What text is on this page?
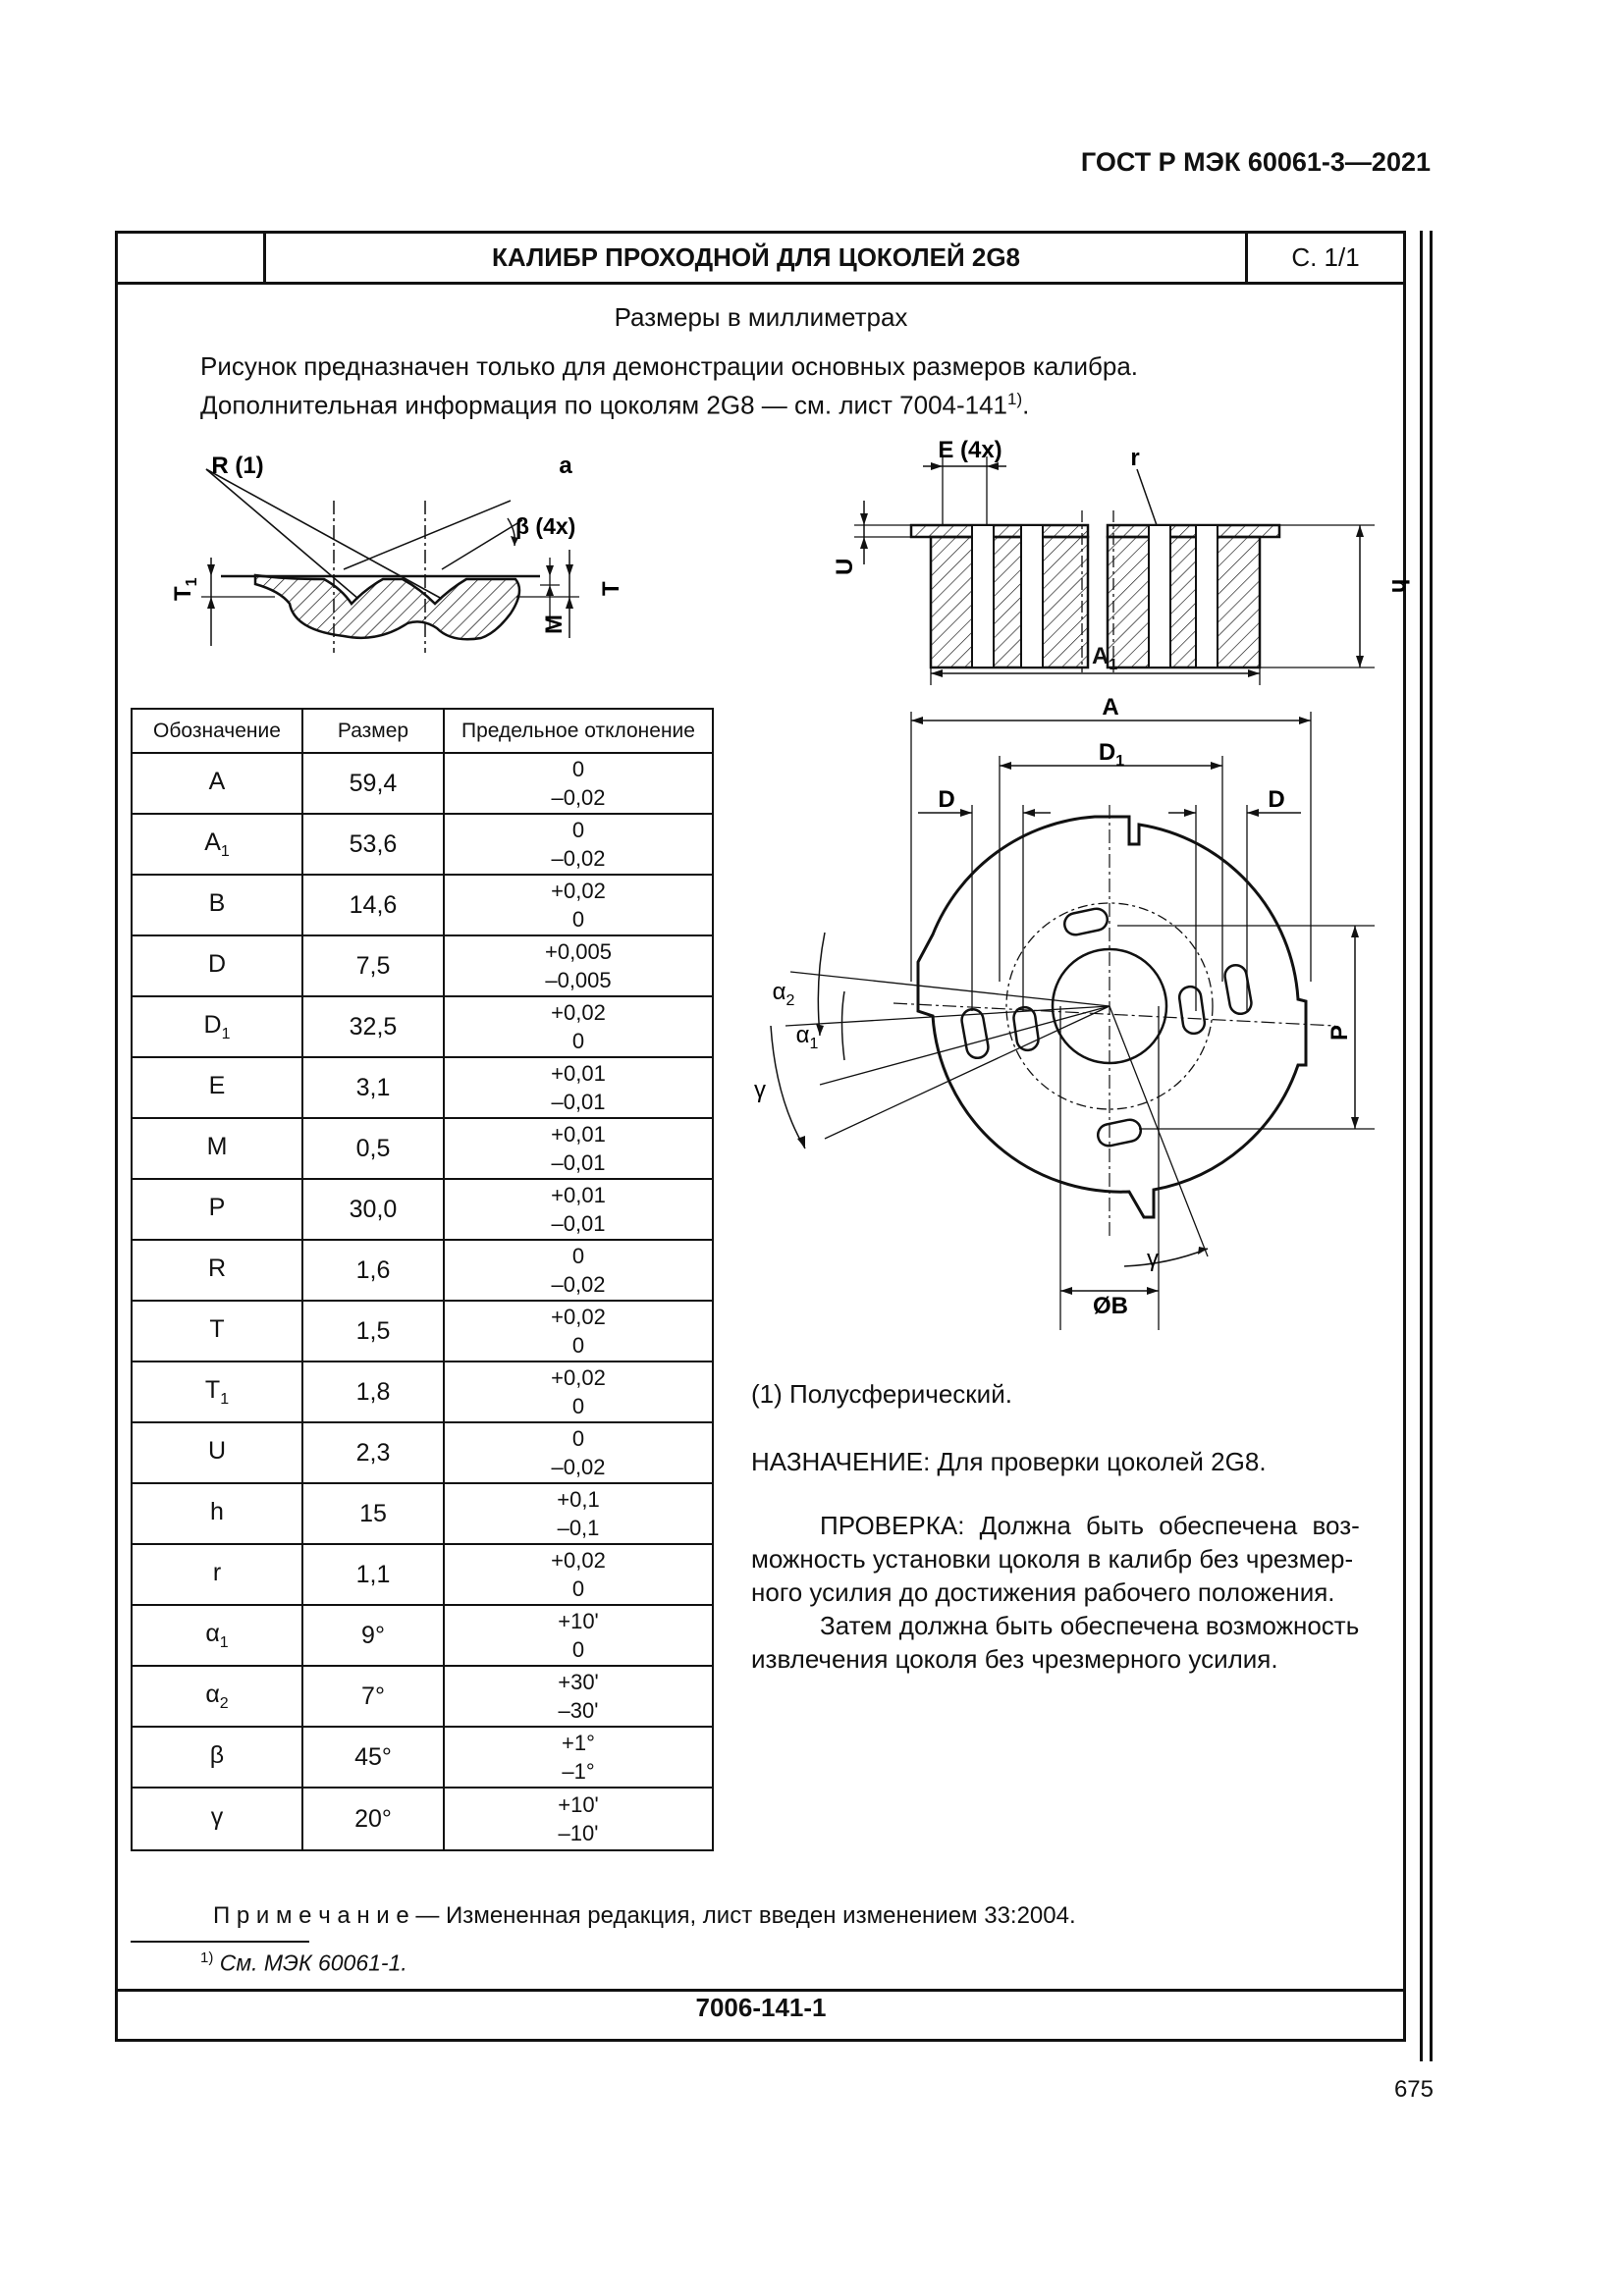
ГОСТ Р МЭК 60061-3—2021
КАЛИБР ПРОХОДНОЙ ДЛЯ ЦОКОЛЕЙ 2G8	С. 1/1
Размеры в миллиметрах
Рисунок предназначен только для демонстрации основных размеров калибра.
Дополнительная информация по цоколям 2G8 — см. лист 7004-141$^{1)}$.
R (1)	a
β (4x)
$T_1$
M
T
E (4x)	r
U
h
$A_1$
A
$D_1$
D	D
P
$\alpha_2$
$\alpha_1$
γ
γ
ØB
Обозначение	Размер	Предельное отклонение
A	59,4	0
–0,02

$A_1$	53,6	0
–0,02

B	14,6	+0,02
0

D	7,5	+0,005
–0,005

$D_1$	32,5	+0,02
0

E	3,1	+0,01
–0,01

M	0,5	+0,01
–0,01

P	30,0	+0,01
–0,01

R	1,6	0
–0,02

T	1,5	+0,02
0

$T_1$	1,8	+0,02
0

U	2,3	0
–0,02

h	15	+0,1
–0,1

r	1,1	+0,02
0

$\alpha_1$	9°	+10'
0

$\alpha_2$	7°	+30'
–30'

β	45°	+1°
–1°

γ	20°	+10'
–10'
(1) Полусферический.
НАЗНАЧЕНИЕ: Для проверки цоколей 2G8.
ПРОВЕРКА: Должна быть обеспечена воз-
можность установки цоколя в калибр без чрезмер-
ного усилия до достижения рабочего положения.
Затем должна быть обеспечена возможность
извлечения цоколя без чрезмерного усилия.
П р и м е ч а н и е — Измененная редакция, лист введен изменением 33:2004.
$^{1)}$ См. МЭК 60061-1.
7006-141-1
675
